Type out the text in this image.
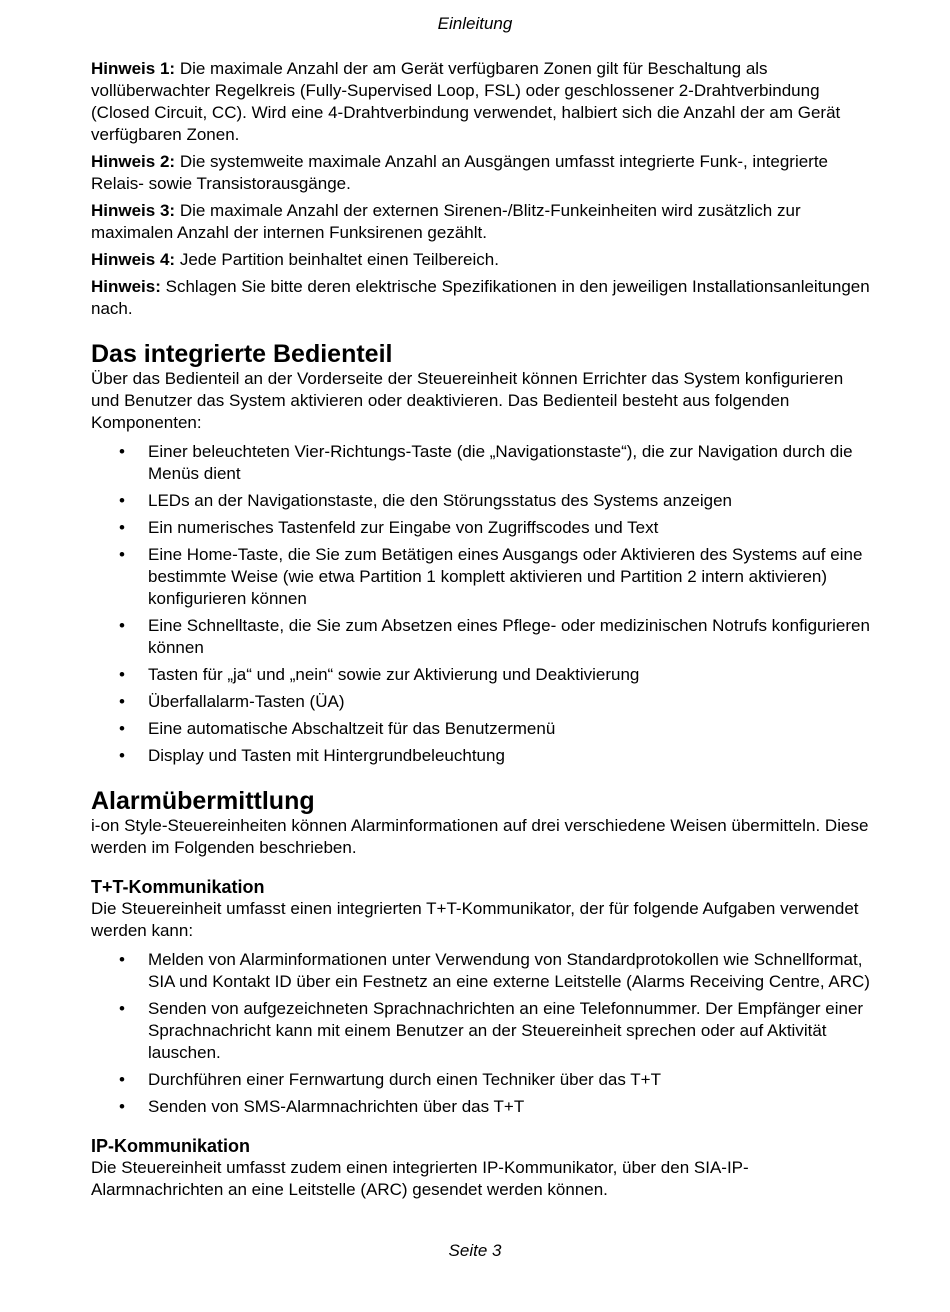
Einleitung

Hinweis 1: Die maximale Anzahl der am Gerät verfügbaren Zonen gilt für Beschaltung als vollüberwachter Regelkreis (Fully-Supervised Loop, FSL) oder geschlossener 2-Drahtverbindung (Closed Circuit, CC). Wird eine 4-Drahtverbindung verwendet, halbiert sich die Anzahl der am Gerät verfügbaren Zonen.

Hinweis 2: Die systemweite maximale Anzahl an Ausgängen umfasst integrierte Funk-, integrierte Relais- sowie Transistorausgänge.

Hinweis 3: Die maximale Anzahl der externen Sirenen-/Blitz-Funkeinheiten wird zusätzlich zur maximalen Anzahl der internen Funksirenen gezählt.

Hinweis 4: Jede Partition beinhaltet einen Teilbereich.

Hinweis: Schlagen Sie bitte deren elektrische Spezifikationen in den jeweiligen Installationsanleitungen nach.

Das integrierte Bedienteil

Über das Bedienteil an der Vorderseite der Steuereinheit können Errichter das System konfigurieren und Benutzer das System aktivieren oder deaktivieren. Das Bedienteil besteht aus folgenden Komponenten:

• Einer beleuchteten Vier-Richtungs-Taste (die „Navigationstaste“), die zur Navigation durch die Menüs dient
• LEDs an der Navigationstaste, die den Störungsstatus des Systems anzeigen
• Ein numerisches Tastenfeld zur Eingabe von Zugriffscodes und Text
• Eine Home-Taste, die Sie zum Betätigen eines Ausgangs oder Aktivieren des Systems auf eine bestimmte Weise (wie etwa Partition 1 komplett aktivieren und Partition 2 intern aktivieren) konfigurieren können
• Eine Schnelltaste, die Sie zum Absetzen eines Pflege- oder medizinischen Notrufs konfigurieren können
• Tasten für „ja“ und „nein“ sowie zur Aktivierung und Deaktivierung
• Überfallalarm-Tasten (ÜA)
• Eine automatische Abschaltzeit für das Benutzermenü
• Display und Tasten mit Hintergrundbeleuchtung
Alarmübermittlung

i-on Style-Steuereinheiten können Alarminformationen auf drei verschiedene Weisen übermitteln. Diese werden im Folgenden beschrieben.

T+T-Kommunikation

Die Steuereinheit umfasst einen integrierten T+T-Kommunikator, der für folgende Aufgaben verwendet werden kann:

• Melden von Alarminformationen unter Verwendung von Standardprotokollen wie Schnellformat, SIA und Kontakt ID über ein Festnetz an eine externe Leitstelle (Alarms Receiving Centre, ARC)
• Senden von aufgezeichneten Sprachnachrichten an eine Telefonnummer. Der Empfänger einer Sprachnachricht kann mit einem Benutzer an der Steuereinheit sprechen oder auf Aktivität lauschen.
• Durchführen einer Fernwartung durch einen Techniker über das T+T
• Senden von SMS-Alarmnachrichten über das T+T
IP-Kommunikation

Die Steuereinheit umfasst zudem einen integrierten IP-Kommunikator, über den SIA-IP-Alarmnachrichten an eine Leitstelle (ARC) gesendet werden können.

Seite 3
